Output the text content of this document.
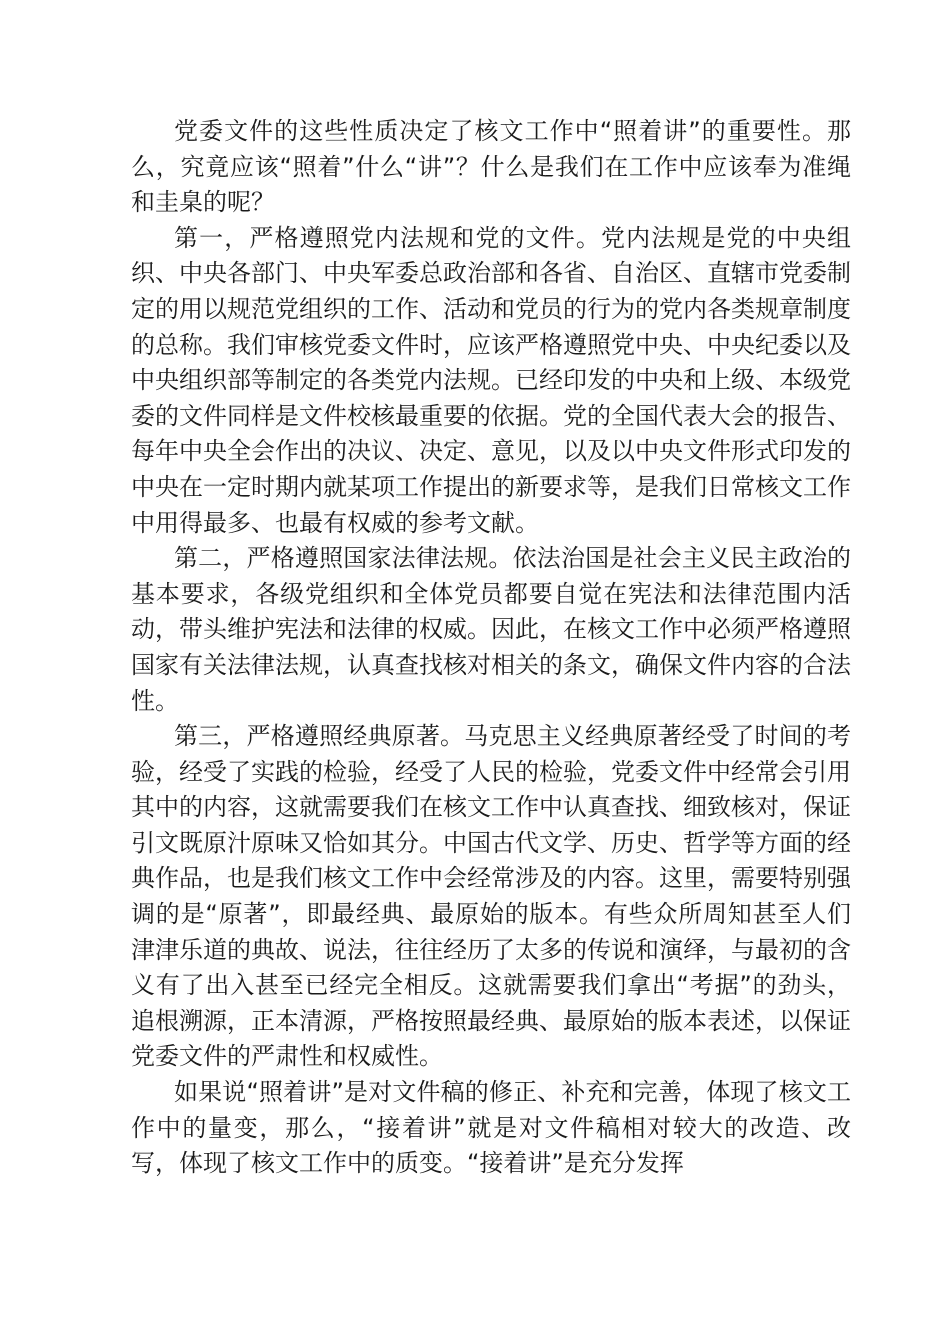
党委文件的这些性质决定了核文工作中“照着讲”的重要性。那么，究竟应该“照着”什么“讲”？什么是我们在工作中应该奉为准绳和圭臬的呢？

第一，严格遵照党内法规和党的文件。党内法规是党的中央组织、中央各部门、中央军委总政治部和各省、自治区、直辖市党委制定的用以规范党组织的工作、活动和党员的行为的党内各类规章制度的总称。我们审核党委文件时，应该严格遵照党中央、中央纪委以及中央组织部等制定的各类党内法规。已经印发的中央和上级、本级党委的文件同样是文件校核最重要的依据。党的全国代表大会的报告、每年中央全会作出的决议、决定、意见，以及以中央文件形式印发的中央在一定时期内就某项工作提出的新要求等，是我们日常核文工作中用得最多、也最有权威的参考文献。

第二，严格遵照国家法律法规。依法治国是社会主义民主政治的基本要求，各级党组织和全体党员都要自觉在宪法和法律范围内活动，带头维护宪法和法律的权威。因此，在核文工作中必须严格遵照国家有关法律法规，认真查找核对相关的条文，确保文件内容的合法性。

第三，严格遵照经典原著。马克思主义经典原著经受了时间的考验，经受了实践的检验，经受了人民的检验，党委文件中经常会引用其中的内容，这就需要我们在核文工作中认真查找、细致核对，保证引文既原汁原味又恰如其分。中国古代文学、历史、哲学等方面的经典作品，也是我们核文工作中会经常涉及的内容。这里，需要特别强调的是“原著”，即最经典、最原始的版本。有些众所周知甚至人们津津乐道的典故、说法，往往经历了太多的传说和演绎，与最初的含义有了出入甚至已经完全相反。这就需要我们拿出“考据”的劲头，追根溯源，正本清源，严格按照最经典、最原始的版本表述，以保证党委文件的严肃性和权威性。

如果说“照着讲”是对文件稿的修正、补充和完善，体现了核文工作中的量变，那么，“接着讲”就是对文件稿相对较大的改造、改写，体现了核文工作中的质变。“接着讲”是充分发挥
